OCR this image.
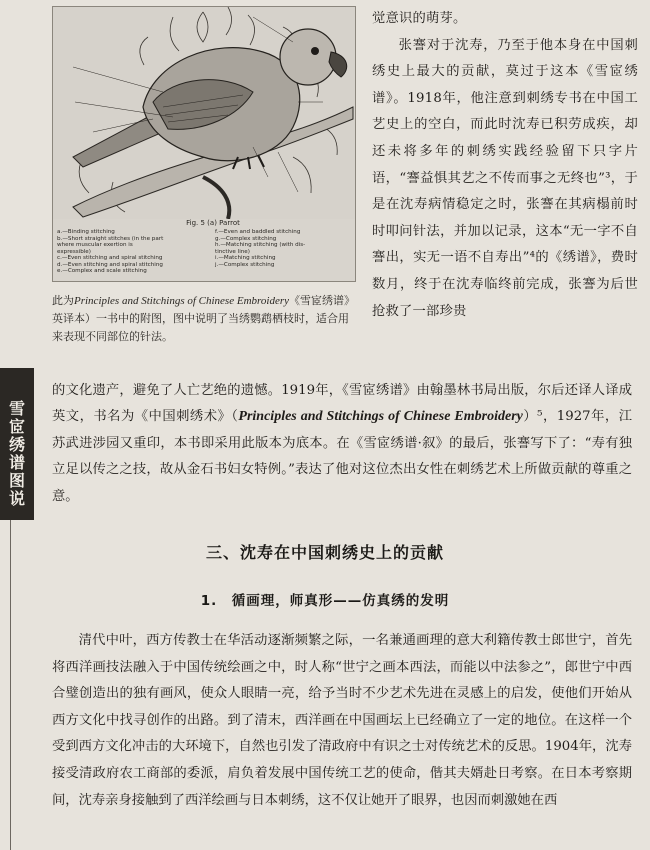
Fig. 5 (a) Parrot
a.—Binding stitching
b.—Short straight stitches (in the part
where muscular exertion is
expressible)
c.—Even stitching and spiral stitching
d.—Even stitching and spiral stitching
e.—Complex and scale stitching
f.—Even and baddled stitching
g.—Complex stitching
h.—Matching stitching (with dis-
tinctive line)
i.—Matching stitching
j.—Complex stitching
此为Principles and Stitchings of Chinese Embroidery《雪宧绣谱》英译本）一书中的附图，图中说明了当绣鹦鹉栖枝时，适合用来表现不同部位的针法。

觉意识的萌芽。

张謇对于沈寿，乃至于他本身在中国刺绣史上最大的贡献，莫过于这本《雪宧绣谱》。1918年，他注意到刺绣专书在中国工艺史上的空白，而此时沈寿已积劳成疾，却还未将多年的刺绣实践经验留下只字片语，“謇益惧其艺之不传而事之无终也”³，于是在沈寿病情稳定之时，张謇在其病榻前时时叩问针法，并加以记录，这本“无一字不自謇出，实无一语不自寿出”⁴的《绣谱》，费时数月，终于在沈寿临终前完成，张謇为后世抢救了一部珍贵

的文化遗产，避免了人亡艺绝的遗憾。1919年，《雪宧绣谱》由翰墨林书局出版，尔后还译人译成英文，书名为《中国刺绣术》（Principles and Stitchings of Chinese Embroidery）⁵，1927年，江苏武进涉园又重印，本书即采用此版本为底本。在《雪宧绣谱·叙》的最后，张謇写下了：“寿有独立足以传之之技，故从金石书妇女特例。”表达了他对这位杰出女性在刺绣艺术上所做贡献的尊重之意。

三、沈寿在中国刺绣史上的贡献
1.　循画理，师真形——仿真绣的发明

清代中叶，西方传教士在华活动逐渐频繁之际，一名兼通画理的意大利籍传教士郎世宁，首先将西洋画技法融入于中国传统绘画之中，时人称“世宁之画本西法，而能以中法参之”，郎世宁中西合璧创造出的独有画风，使众人眼睛一亮，给予当时不少艺术先进在灵感上的启发，使他们开始从西方文化中找寻创作的出路。到了清末，西洋画在中国画坛上已经确立了一定的地位。在这样一个受到西方文化冲击的大环境下，自然也引发了清政府中有识之士对传统艺术的反思。1904年，沈寿接受清政府农工商部的委派，肩负着发展中国传统工艺的使命，偕其夫婿赴日考察。在日本考察期间，沈寿亲身接触到了西洋绘画与日本刺绣，这不仅让她开了眼界，也因而刺激她在西

雪
宧
绣
谱
图
说
